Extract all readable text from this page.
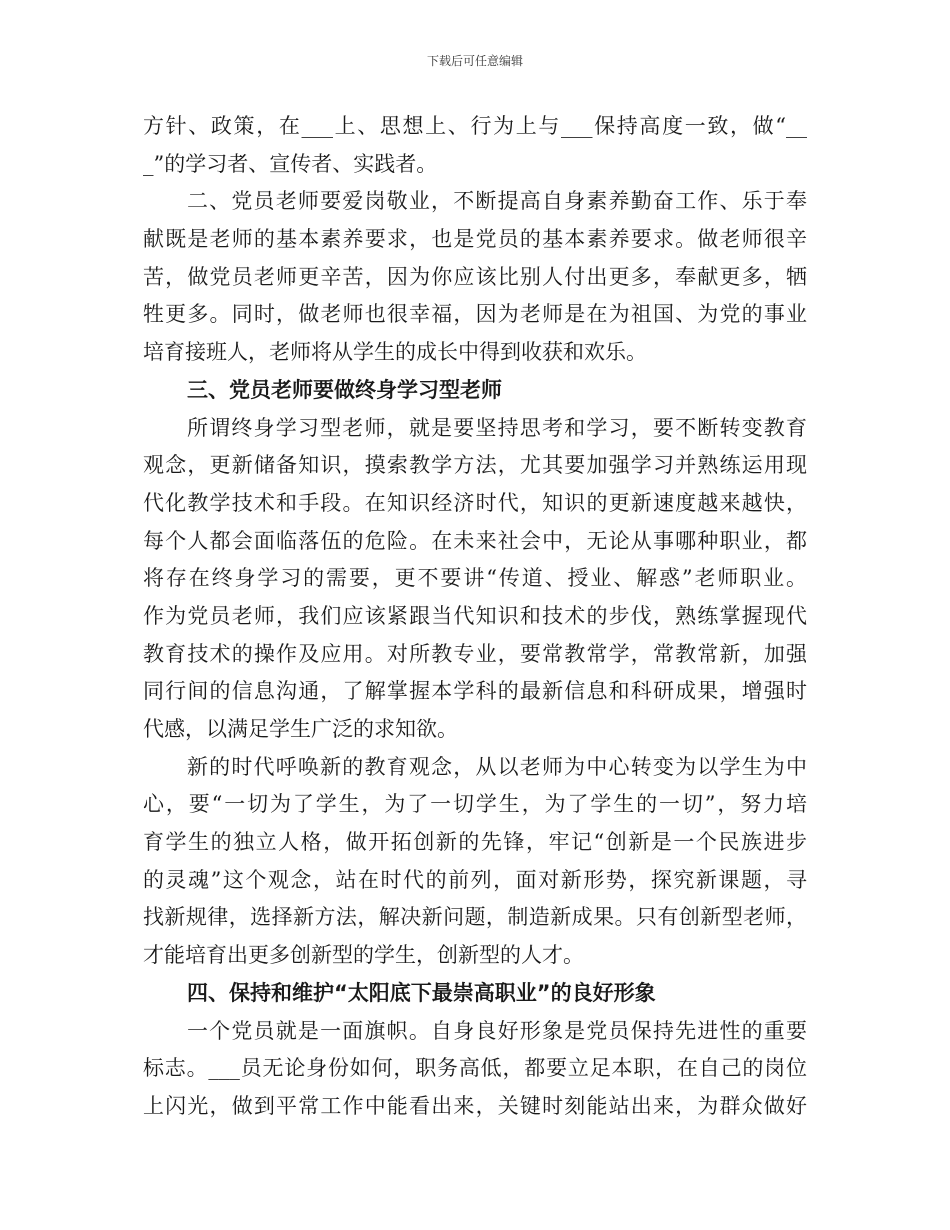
下载后可任意编辑
方针、政策，在___上、思想上、行为上与___保持高度一致，做“__
_”的学习者、宣传者、实践者。
二、党员老师要爱岗敬业，不断提高自身素养勤奋工作、乐于奉
献既是老师的基本素养要求，也是党员的基本素养要求。做老师很辛
苦，做党员老师更辛苦，因为你应该比别人付出更多，奉献更多，牺
牲更多。同时，做老师也很幸福，因为老师是在为祖国、为党的事业
培育接班人，老师将从学生的成长中得到收获和欢乐。
三、党员老师要做终身学习型老师
所谓终身学习型老师，就是要坚持思考和学习，要不断转变教育
观念，更新储备知识，摸索教学方法，尤其要加强学习并熟练运用现
代化教学技术和手段。在知识经济时代，知识的更新速度越来越快，
每个人都会面临落伍的危险。在未来社会中，无论从事哪种职业，都
将存在终身学习的需要，更不要讲“传道、授业、解惑”老师职业。
作为党员老师，我们应该紧跟当代知识和技术的步伐，熟练掌握现代
教育技术的操作及应用。对所教专业，要常教常学，常教常新，加强
同行间的信息沟通，了解掌握本学科的最新信息和科研成果，增强时
代感，以满足学生广泛的求知欲。
新的时代呼唤新的教育观念，从以老师为中心转变为以学生为中
心，要“一切为了学生，为了一切学生，为了学生的一切”，努力培
育学生的独立人格，做开拓创新的先锋，牢记“创新是一个民族进步
的灵魂”这个观念，站在时代的前列，面对新形势，探究新课题，寻
找新规律，选择新方法，解决新问题，制造新成果。只有创新型老师，
才能培育出更多创新型的学生，创新型的人才。
四、保持和维护“太阳底下最崇高职业”的良好形象
一个党员就是一面旗帜。自身良好形象是党员保持先进性的重要
标志。___员无论身份如何，职务高低，都要立足本职，在自己的岗位
上闪光，做到平常工作中能看出来，关键时刻能站出来，为群众做好
